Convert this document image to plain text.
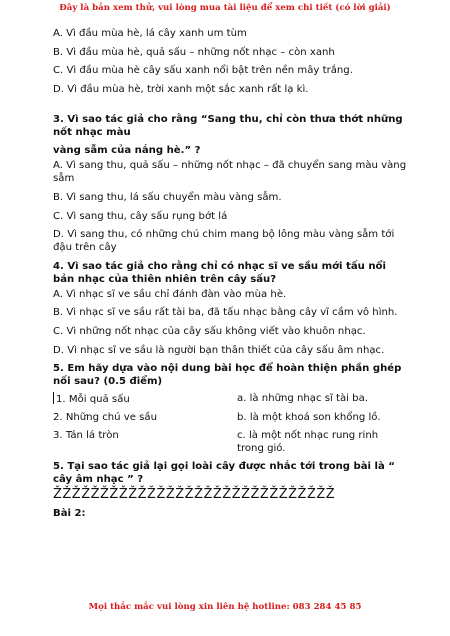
Đây là bản xem thử, vui lòng mua tài liệu để xem chi tiết (có lời giải)

A. Vì đầu mùa hè, lá cây xanh um tùm

B. Vì đầu mùa hè, quả sấu – những nốt nhạc – còn xanh

C. Vì đầu mùa hè cây sấu xanh nổi bật trên nền mây trắng.

D. Vì đầu mùa hè, trời xanh một sắc xanh rất lạ kì.

3. Vì sao tác giả cho rằng “Sang thu, chỉ còn thưa thớt những nốt nhạc màu

vàng sẫm của nắng hè.” ?

A. Vì sang thu, quả sấu – những nốt nhạc – đã chuyển sang màu vàng sẫm

B. Vì sang thu, lá sấu chuyển màu vàng sẫm.

C. Vì sang thu, cây sấu rụng bớt lá

D. Vì sang thu, có những chú chim mang bộ lông màu vàng sẫm tới đậu trên cây

4. Vì sao tác giả cho rằng chỉ có nhạc sĩ ve sầu mới tấu nổi bản nhạc của thiên nhiên trên cây sấu?

A. Vì nhạc sĩ ve sầu chỉ đánh đàn vào mùa hè.

B. Vì nhạc sĩ ve sầu rất tài ba, đã tấu nhạc bằng cây vĩ cầm vô hình.

C. Vì những nốt nhạc của cây sấu không viết vào khuôn nhạc.

D. Vì nhạc sĩ ve sầu là người bạn thân thiết của cây sấu âm nhạc.

5. Em hãy dựa vào nội dung bài học để hoàn thiện phần ghép nối sau? (0.5 điểm)

1. Mỗi quả sấu	a. là những nhạc sĩ tài ba.
2. Những chú ve sầu	b. là một khoá son khổng lồ.
3. Tán lá tròn	c. là một nốt nhạc rung rinh trong gió.

5. Tại sao tác giả lại gọi loài cây được nhắc tới trong bài là “ cây âm nhạc ” ?

ŽŽŽŽŽŽŽŽŽŽŽŽŽŽŽŽŽŽŽŽŽŽŽŽŽŽŽŽŽŽ

Bài 2:

Mọi thắc mắc vui lòng xin liên hệ hotline: 083 284 45 85
